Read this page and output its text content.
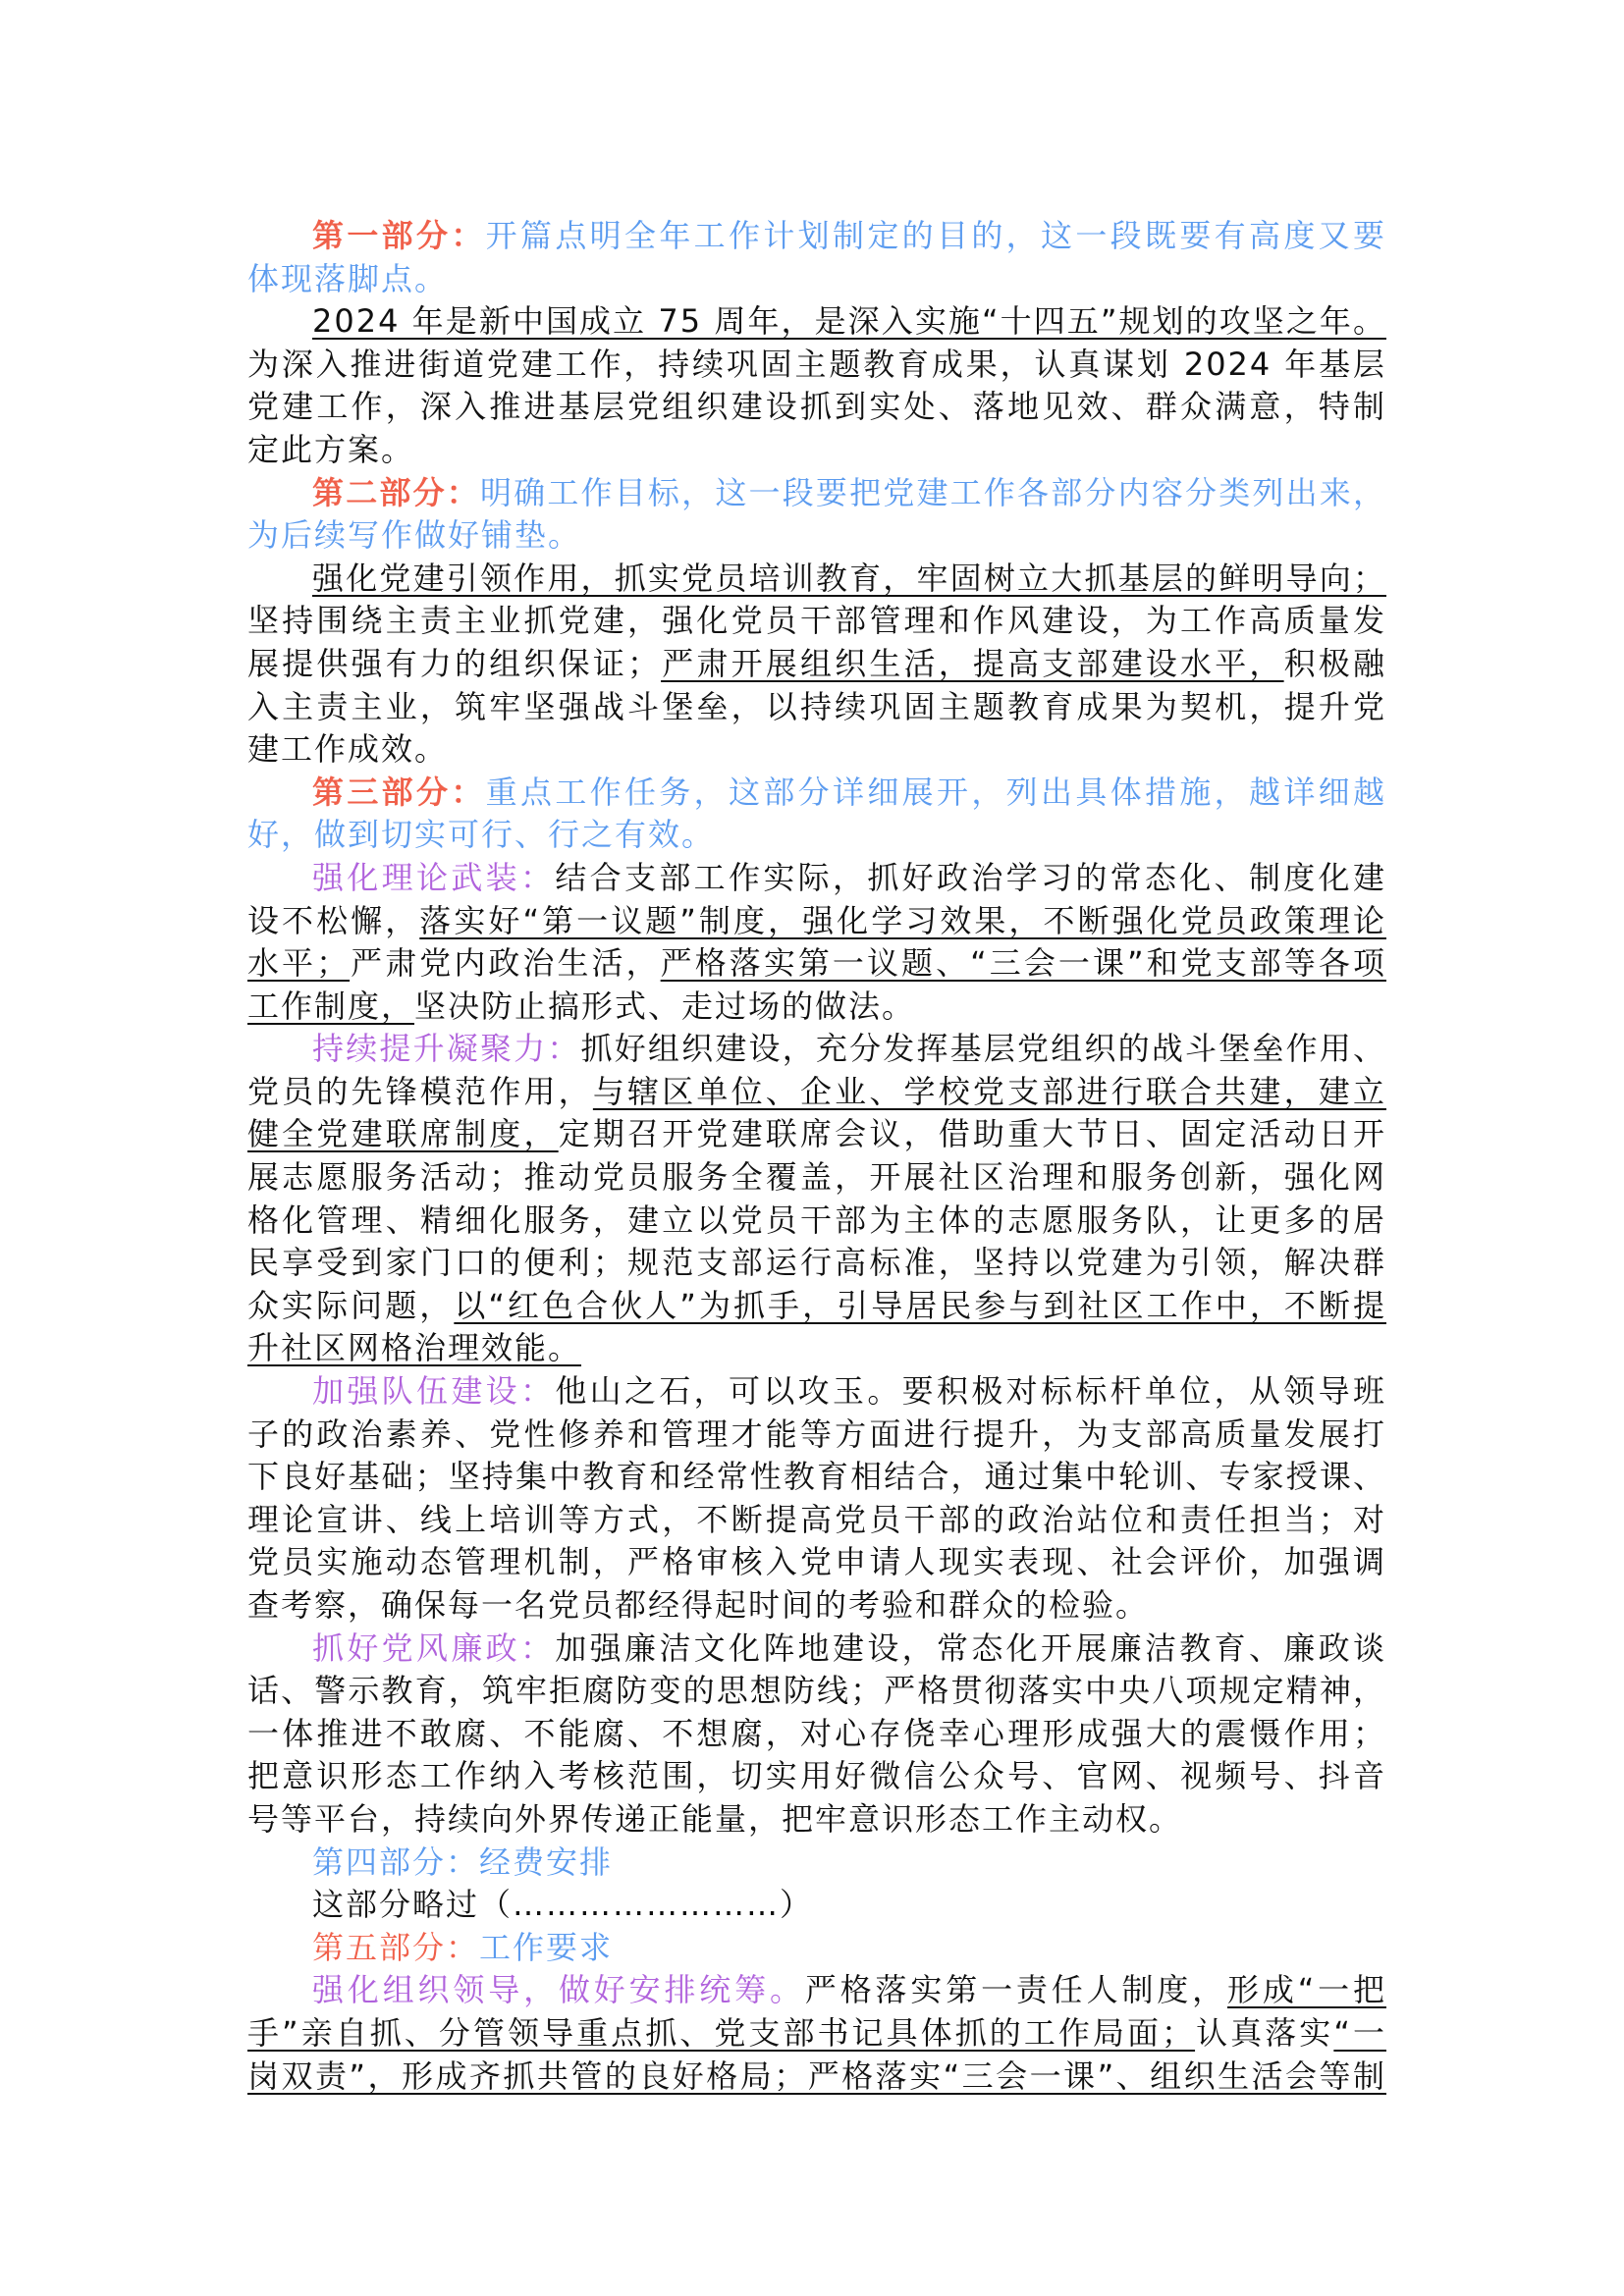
第一部分：开篇点明全年工作计划制定的目的，这一段既要有高度又要
体现落脚点。
2024 年是新中国成立 75 周年，是深入实施“十四五”规划的攻坚之年。
为深入推进街道党建工作，持续巩固主题教育成果，认真谋划 2024 年基层
党建工作，深入推进基层党组织建设抓到实处、落地见效、群众满意，特制
定此方案。
第二部分：明确工作目标，这一段要把党建工作各部分内容分类列出来，
为后续写作做好铺垫。
强化党建引领作用，抓实党员培训教育，牢固树立大抓基层的鲜明导向；
坚持围绕主责主业抓党建，强化党员干部管理和作风建设，为工作高质量发
展提供强有力的组织保证；严肃开展组织生活，提高支部建设水平，积极融
入主责主业，筑牢坚强战斗堡垒，以持续巩固主题教育成果为契机，提升党
建工作成效。
第三部分：重点工作任务，这部分详细展开，列出具体措施，越详细越
好，做到切实可行、行之有效。
强化理论武装：结合支部工作实际，抓好政治学习的常态化、制度化建
设不松懈，落实好“第一议题”制度，强化学习效果，不断强化党员政策理论
水平；严肃党内政治生活，严格落实第一议题、“三会一课”和党支部等各项
工作制度，坚决防止搞形式、走过场的做法。
持续提升凝聚力：抓好组织建设，充分发挥基层党组织的战斗堡垒作用、
党员的先锋模范作用，与辖区单位、企业、学校党支部进行联合共建，建立
健全党建联席制度，定期召开党建联席会议，借助重大节日、固定活动日开
展志愿服务活动；推动党员服务全覆盖，开展社区治理和服务创新，强化网
格化管理、精细化服务，建立以党员干部为主体的志愿服务队，让更多的居
民享受到家门口的便利；规范支部运行高标准，坚持以党建为引领，解决群
众实际问题，以“红色合伙人”为抓手，引导居民参与到社区工作中，不断提
升社区网格治理效能。
加强队伍建设：他山之石，可以攻玉。要积极对标标杆单位，从领导班
子的政治素养、党性修养和管理才能等方面进行提升，为支部高质量发展打
下良好基础；坚持集中教育和经常性教育相结合，通过集中轮训、专家授课、
理论宣讲、线上培训等方式，不断提高党员干部的政治站位和责任担当；对
党员实施动态管理机制，严格审核入党申请人现实表现、社会评价，加强调
查考察，确保每一名党员都经得起时间的考验和群众的检验。
抓好党风廉政：加强廉洁文化阵地建设，常态化开展廉洁教育、廉政谈
话、警示教育，筑牢拒腐防变的思想防线；严格贯彻落实中央八项规定精神，
一体推进不敢腐、不能腐、不想腐，对心存侥幸心理形成强大的震慑作用；
把意识形态工作纳入考核范围，切实用好微信公众号、官网、视频号、抖音
号等平台，持续向外界传递正能量，把牢意识形态工作主动权。
第四部分：经费安排
这部分略过（……………………）
第五部分：工作要求
强化组织领导，做好安排统筹。严格落实第一责任人制度，形成“一把
手”亲自抓、分管领导重点抓、党支部书记具体抓的工作局面；认真落实“一
岗双责”，形成齐抓共管的良好格局；严格落实“三会一课”、组织生活会等制
